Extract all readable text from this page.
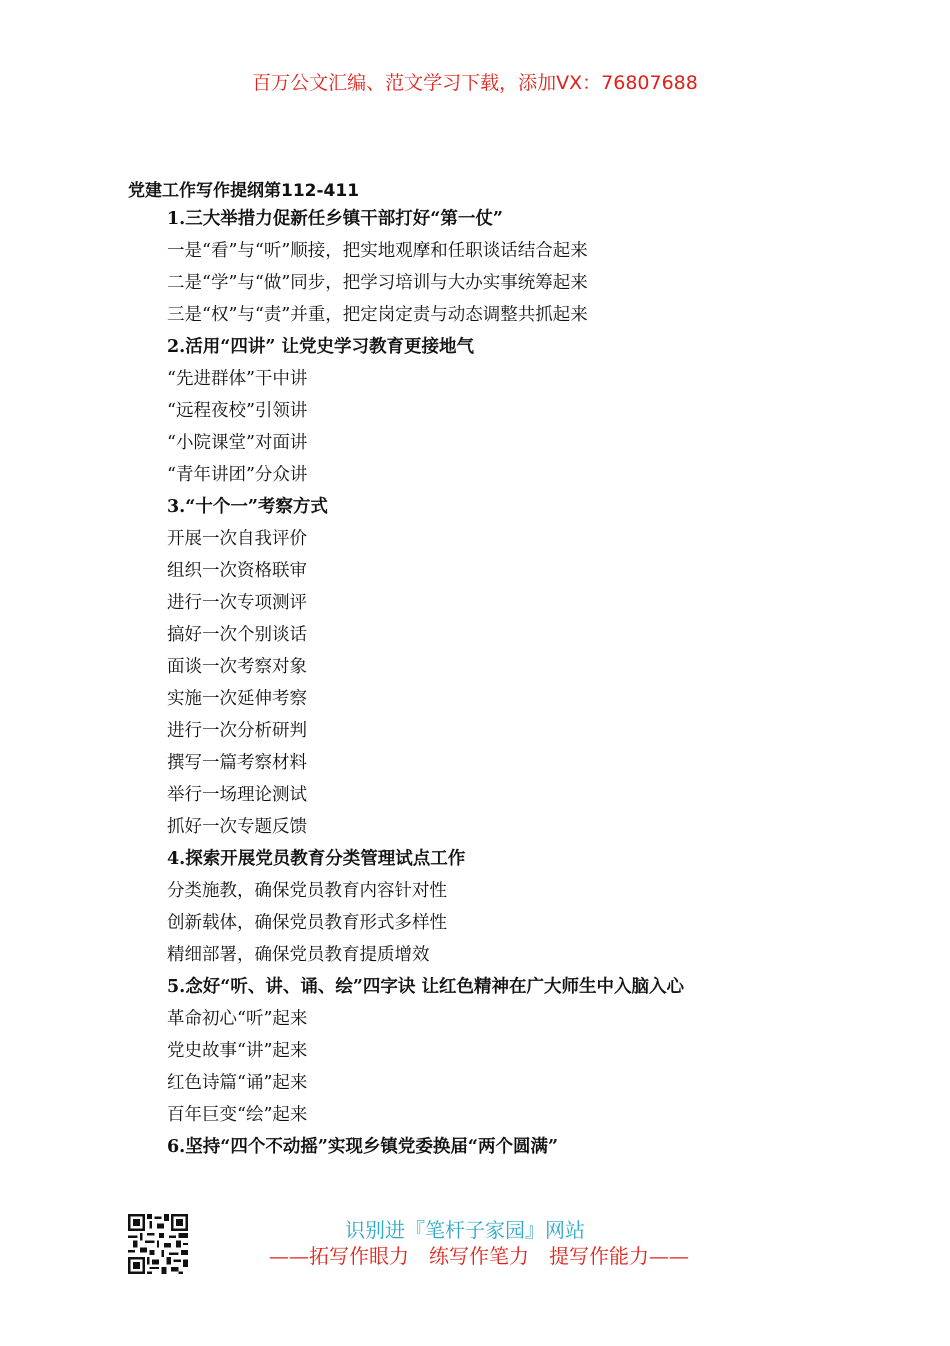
百万公文汇编、范文学习下载，添加VX：76807688
党建工作写作提纲第112-411
1.三大举措力促新任乡镇干部打好“第一仗”
一是“看”与“听”顺接，把实地观摩和任职谈话结合起来
二是“学”与“做”同步，把学习培训与大办实事统筹起来
三是“权”与“责”并重，把定岗定责与动态调整共抓起来
2.活用“四讲” 让党史学习教育更接地气
“先进群体”干中讲
“远程夜校”引领讲
“小院课堂”对面讲
“青年讲团”分众讲
3.“十个一”考察方式
开展一次自我评价
组织一次资格联审
进行一次专项测评
搞好一次个别谈话
面谈一次考察对象
实施一次延伸考察
进行一次分析研判
撰写一篇考察材料
举行一场理论测试
抓好一次专题反馈
4.探索开展党员教育分类管理试点工作
分类施教，确保党员教育内容针对性
创新载体，确保党员教育形式多样性
精细部署，确保党员教育提质增效
5.念好“听、讲、诵、绘”四字诀 让红色精神在广大师生中入脑入心
革命初心“听”起来
党史故事“讲”起来
红色诗篇“诵”起来
百年巨变“绘”起来
6.坚持“四个不动摇”实现乡镇党委换届“两个圆满”
识别进『笔杆子家园』网站
——拓写作眼力　练写作笔力　提写作能力——
